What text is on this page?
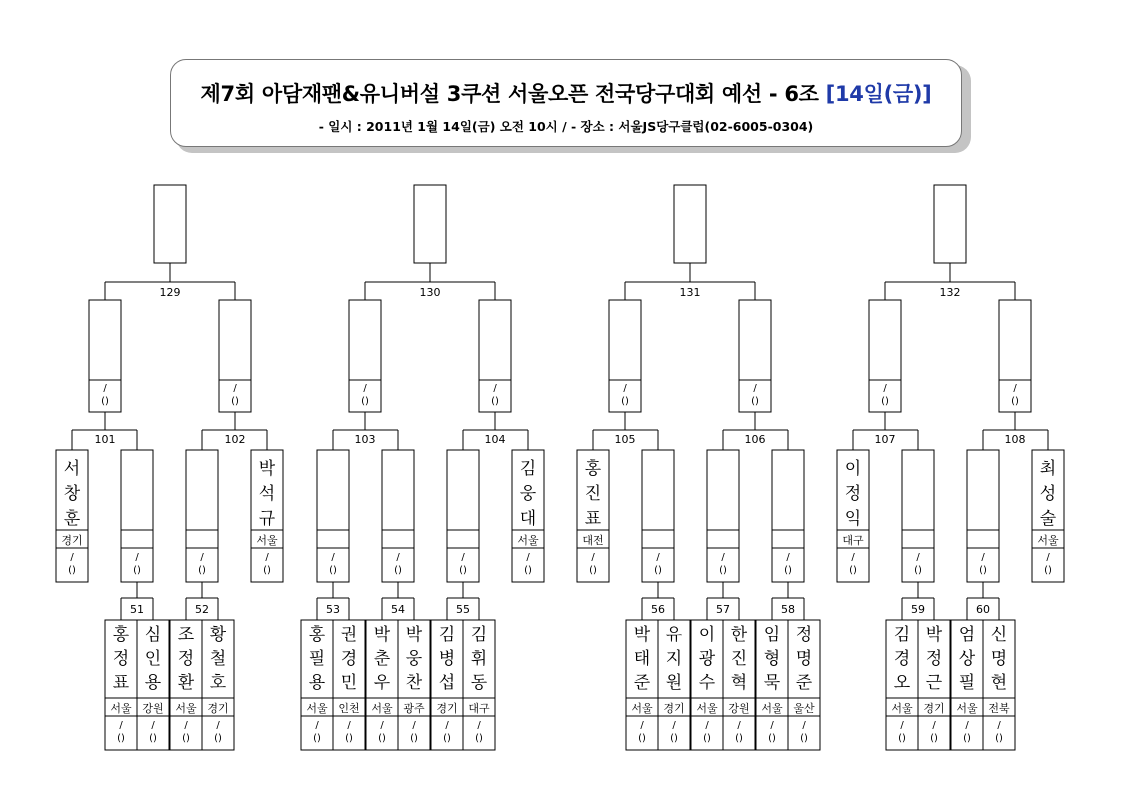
제7회 아담재팬&유니버설 3쿠션 서울오픈 전국당구대회 예선 - 6조 [14일(금)]
- 일시 : 2011년 1월 14일(금) 오전 10시 / - 장소 : 서울JS당구클럽(02-6005-0304)
129
/
()
101
서
창
훈
경기
/
()
/
()
51
홍
정
표
서울
/
()
심
인
용
강원
/
()
/
()
102
박
석
규
서울
/
()
/
()
52
조
정
환
서울
/
()
황
철
호
경기
/
()
130
/
()
103
/
()
/
()
53
홍
필
용
서울
/
()
권
경
민
인천
/
()
54
박
춘
우
서울
/
()
박
웅
찬
광주
/
()
/
()
104
김
웅
대
서울
/
()
/
()
55
김
병
섭
경기
/
()
김
휘
동
대구
/
()
131
/
()
105
홍
진
표
대전
/
()
/
()
56
박
태
준
서울
/
()
유
지
원
경기
/
()
/
()
106
/
()
/
()
57
이
광
수
서울
/
()
한
진
혁
강원
/
()
58
임
형
묵
서울
/
()
정
명
준
울산
/
()
132
/
()
107
이
정
익
대구
/
()
/
()
59
김
경
오
서울
/
()
박
정
근
경기
/
()
/
()
108
최
성
술
서울
/
()
/
()
60
엄
상
필
서울
/
()
신
명
현
전북
/
()
